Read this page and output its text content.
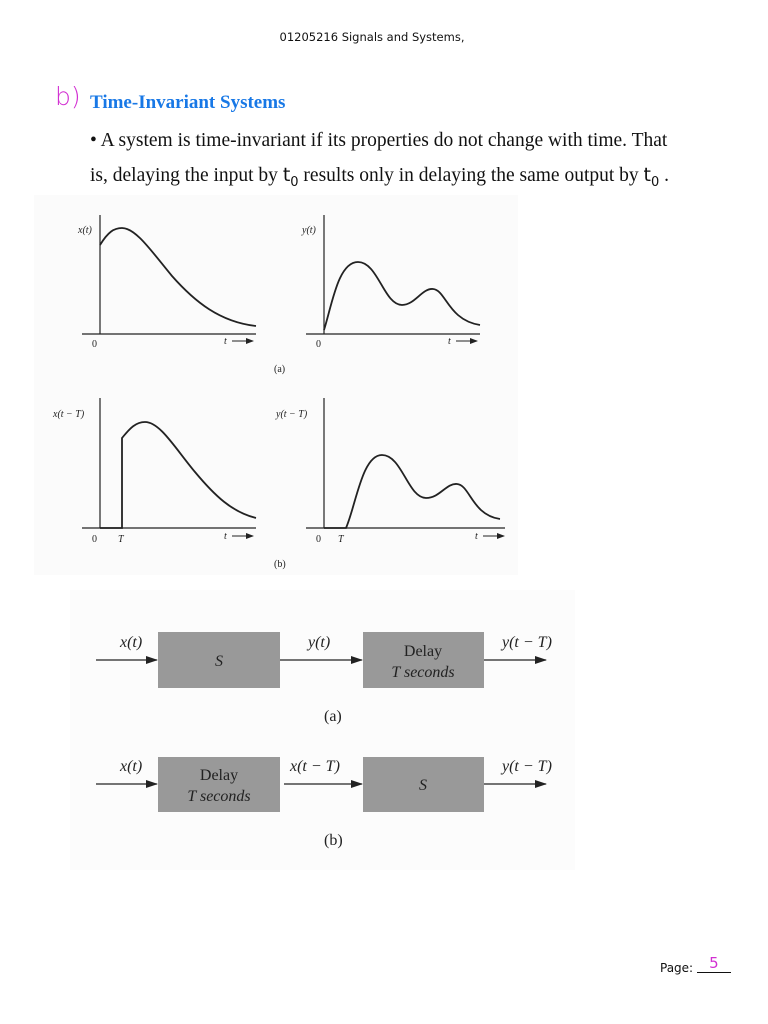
01205216 Signals and Systems,
b) Time-Invariant Systems
• A system is time-invariant if its properties do not change with time. That
is, delaying the input by $t_0$ results only in delaying the same output by $t_0$ .
x(t)
0	t
y(t)
0	t
(a)
x(t − T)
0 T	t
y(t − T)
0 T	t
(b)
x(t)
S
y(t)
Delay
T seconds
y(t − T)
(a)
x(t)
Delay
T seconds
x(t − T)
S
y(t − T)
(b)
Page: 5
